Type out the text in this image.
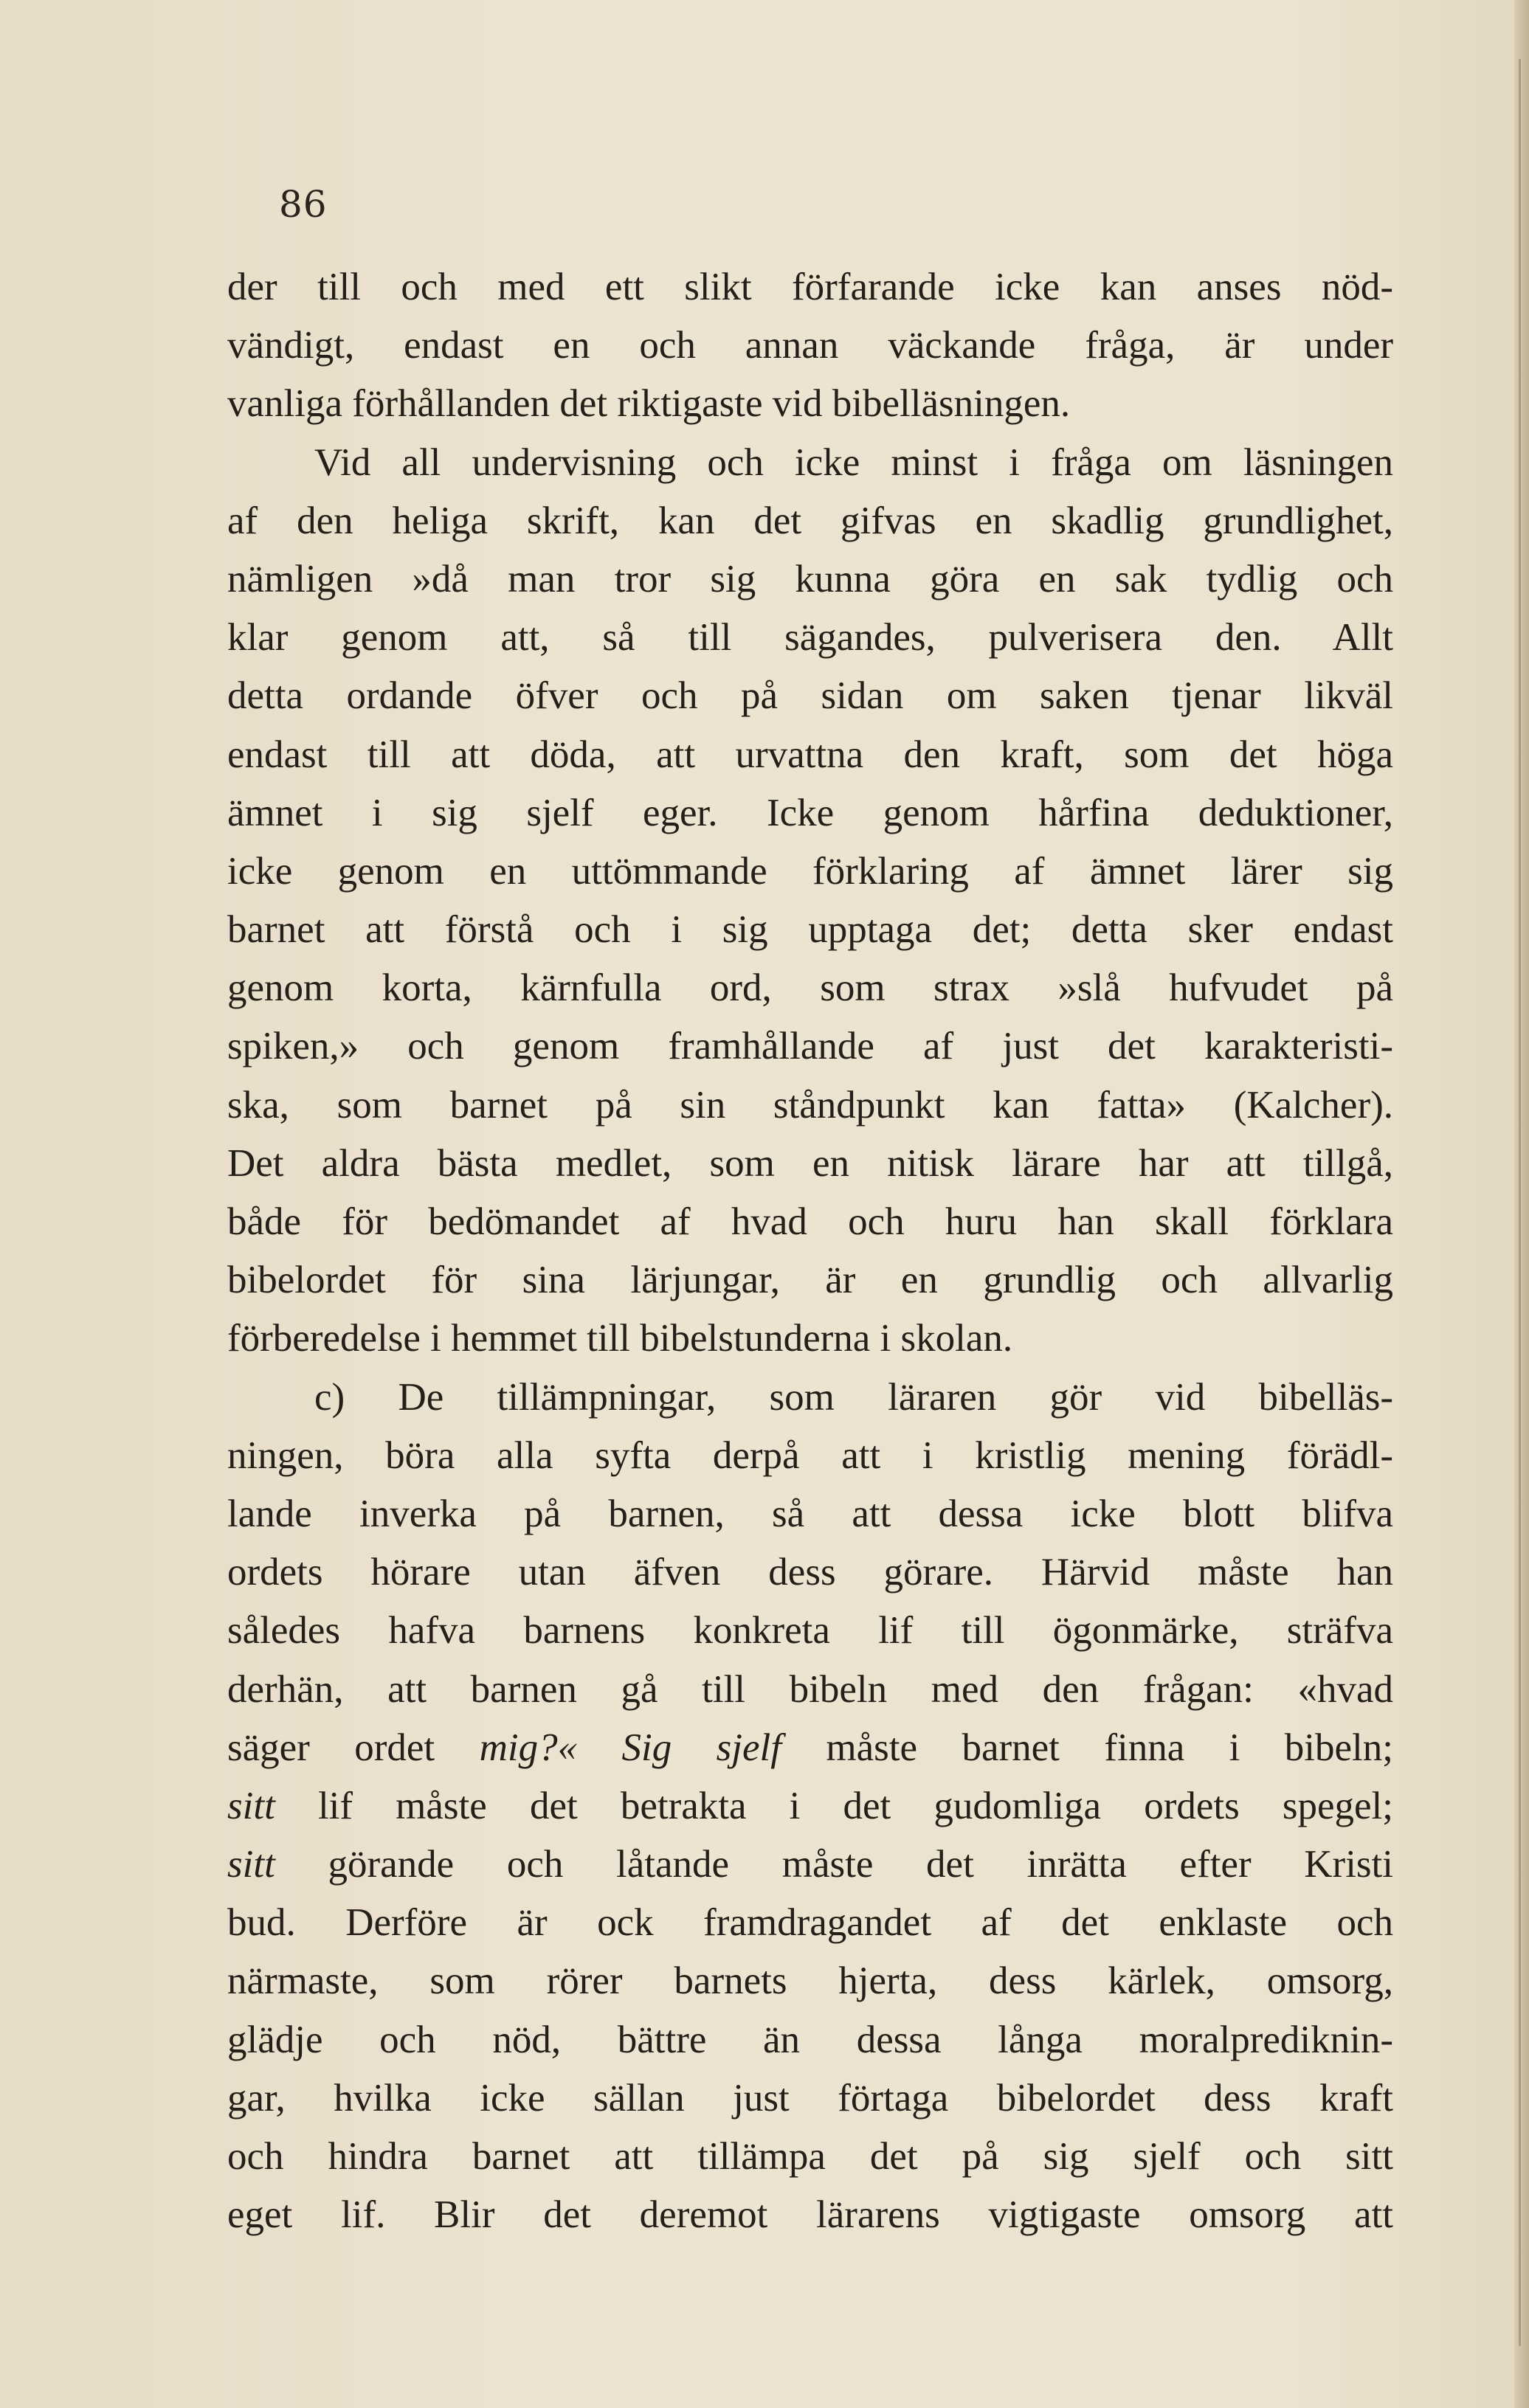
86
der till och med ett slikt förfarande icke kan anses nöd-
vändigt, endast en och annan väckande fråga, är under
vanliga förhållanden det riktigaste vid bibelläsningen.
Vid all undervisning och icke minst i fråga om läsningen
af den heliga skrift, kan det gifvas en skadlig grundlighet,
nämligen »då man tror sig kunna göra en sak tydlig och
klar genom att, så till sägandes, pulverisera den. Allt
detta ordande öfver och på sidan om saken tjenar likväl
endast till att döda, att urvattna den kraft, som det höga
ämnet i sig sjelf eger. Icke genom hårfina deduktioner,
icke genom en uttömmande förklaring af ämnet lärer sig
barnet att förstå och i sig upptaga det; detta sker endast
genom korta, kärnfulla ord, som strax »slå hufvudet på
spiken,» och genom framhållande af just det karakteristi-
ska, som barnet på sin ståndpunkt kan fatta» (Kalcher).
Det aldra bästa medlet, som en nitisk lärare har att tillgå,
både för bedömandet af hvad och huru han skall förklara
bibelordet för sina lärjungar, är en grundlig och allvarlig
förberedelse i hemmet till bibelstunderna i skolan.
c) De tillämpningar, som läraren gör vid bibelläs-
ningen, böra alla syfta derpå att i kristlig mening förädl-
lande inverka på barnen, så att dessa icke blott blifva
ordets hörare utan äfven dess görare. Härvid måste han
således hafva barnens konkreta lif till ögonmärke, sträfva
derhän, att barnen gå till bibeln med den frågan: «hvad
säger ordet mig?« Sig sjelf måste barnet finna i bibeln;
sitt lif måste det betrakta i det gudomliga ordets spegel;
sitt görande och låtande måste det inrätta efter Kristi
bud. Derföre är ock framdragandet af det enklaste och
närmaste, som rörer barnets hjerta, dess kärlek, omsorg,
glädje och nöd, bättre än dessa långa moralprediknin-
gar, hvilka icke sällan just förtaga bibelordet dess kraft
och hindra barnet att tillämpa det på sig sjelf och sitt
eget lif. Blir det deremot lärarens vigtigaste omsorg att
